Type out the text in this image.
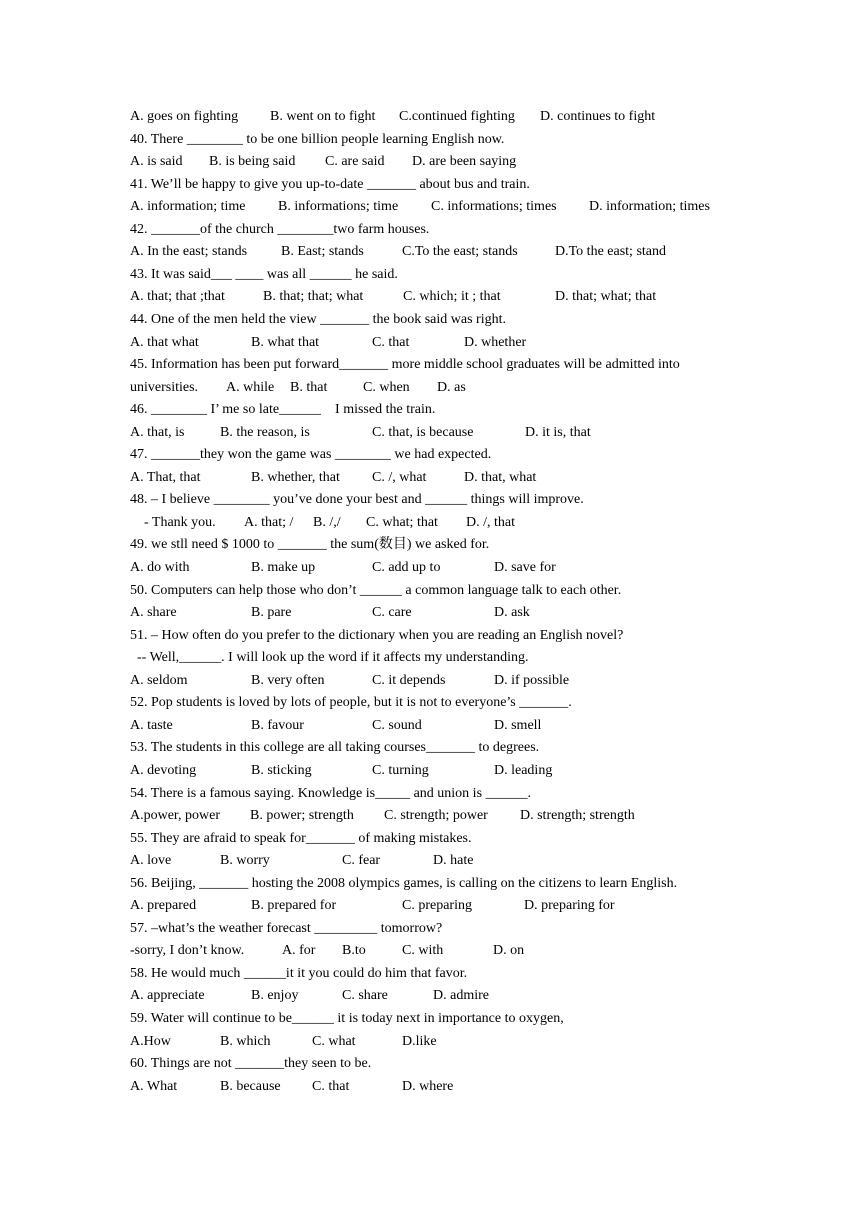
A. goes on fighting B. went on to fight C.continued fighting D. continues to fight
40. There ________ to be one billion people learning English now.
A. is said B. is being said C. are said D. are been saying
41. We’ll be happy to give you up-to-date _______ about bus and train.
A. information; time B. informations; time C. informations; times D. information; times
42. _______of the church ________two farm houses.
A. In the east; stands B. East; stands	C.To the east; stands	D.To the east; stand
43. It was said___ ____ was all ______ he said.
A. that; that ;that	B. that; that; what	C. which; it ; that	D. that; what; that
44. One of the men held the view _______ the book said was right.
A. that what	B. what that	C. that	D. whether
45. Information has been put forward_______ more middle school graduates will be admitted into
universities. A. while B. that	C. when D. as
46. ________ I’ me so late______    I missed the train.
A. that, is	B. the reason, is	C. that, is because	D. it is, that
47. _______they won the game was ________ we had expected.
A. That, that	B. whether, that C. /, what	D. that, what
48. – I believe ________ you’ve done your best and ______ things will improve.
- Thank you. A. that; / B. /,/ C. what; that D. /, that
49. we stll need $ 1000 to _______ the sum(数目) we asked for.
A. do with	B. make up	C. add up to	D. save for
50. Computers can help those who don’t ______ a common language talk to each other.
A. share	B. pare	C. care	D. ask
51. – How often do you prefer to the dictionary when you are reading an English novel?
-- Well,______. I will look up the word if it affects my understanding.
A. seldom	B. very often	C. it depends	D. if possible
52. Pop students is loved by lots of people, but it is not to everyone’s _______.
A. taste	B. favour	C. sound	D. smell
53. The students in this college are all taking courses_______ to degrees.
A. devoting	B. sticking	C. turning	D. leading
54. There is a famous saying. Knowledge is_____ and union is ______.
A.power, power B. power; strength C. strength; power D. strength; strength
55. They are afraid to speak for_______ of making mistakes.
A. love	B. worry	C. fear	D. hate
56. Beijing, _______ hosting the 2008 olympics games, is calling on the citizens to learn English.
A. prepared	B. prepared for	C. preparing	D. preparing for
57. –what’s the weather forecast _________ tomorrow?
-sorry, I don’t know.	A. for B.to	C. with	D. on
58. He would much ______it it you could do him that favor.
A. appreciate	B. enjoy	C. share	D. admire
59. Water will continue to be______ it is today next in importance to oxygen,
A.How	B. which	C. what	D.like
60. Things are not _______they seen to be.
A. What	B. because C. that	D. where
